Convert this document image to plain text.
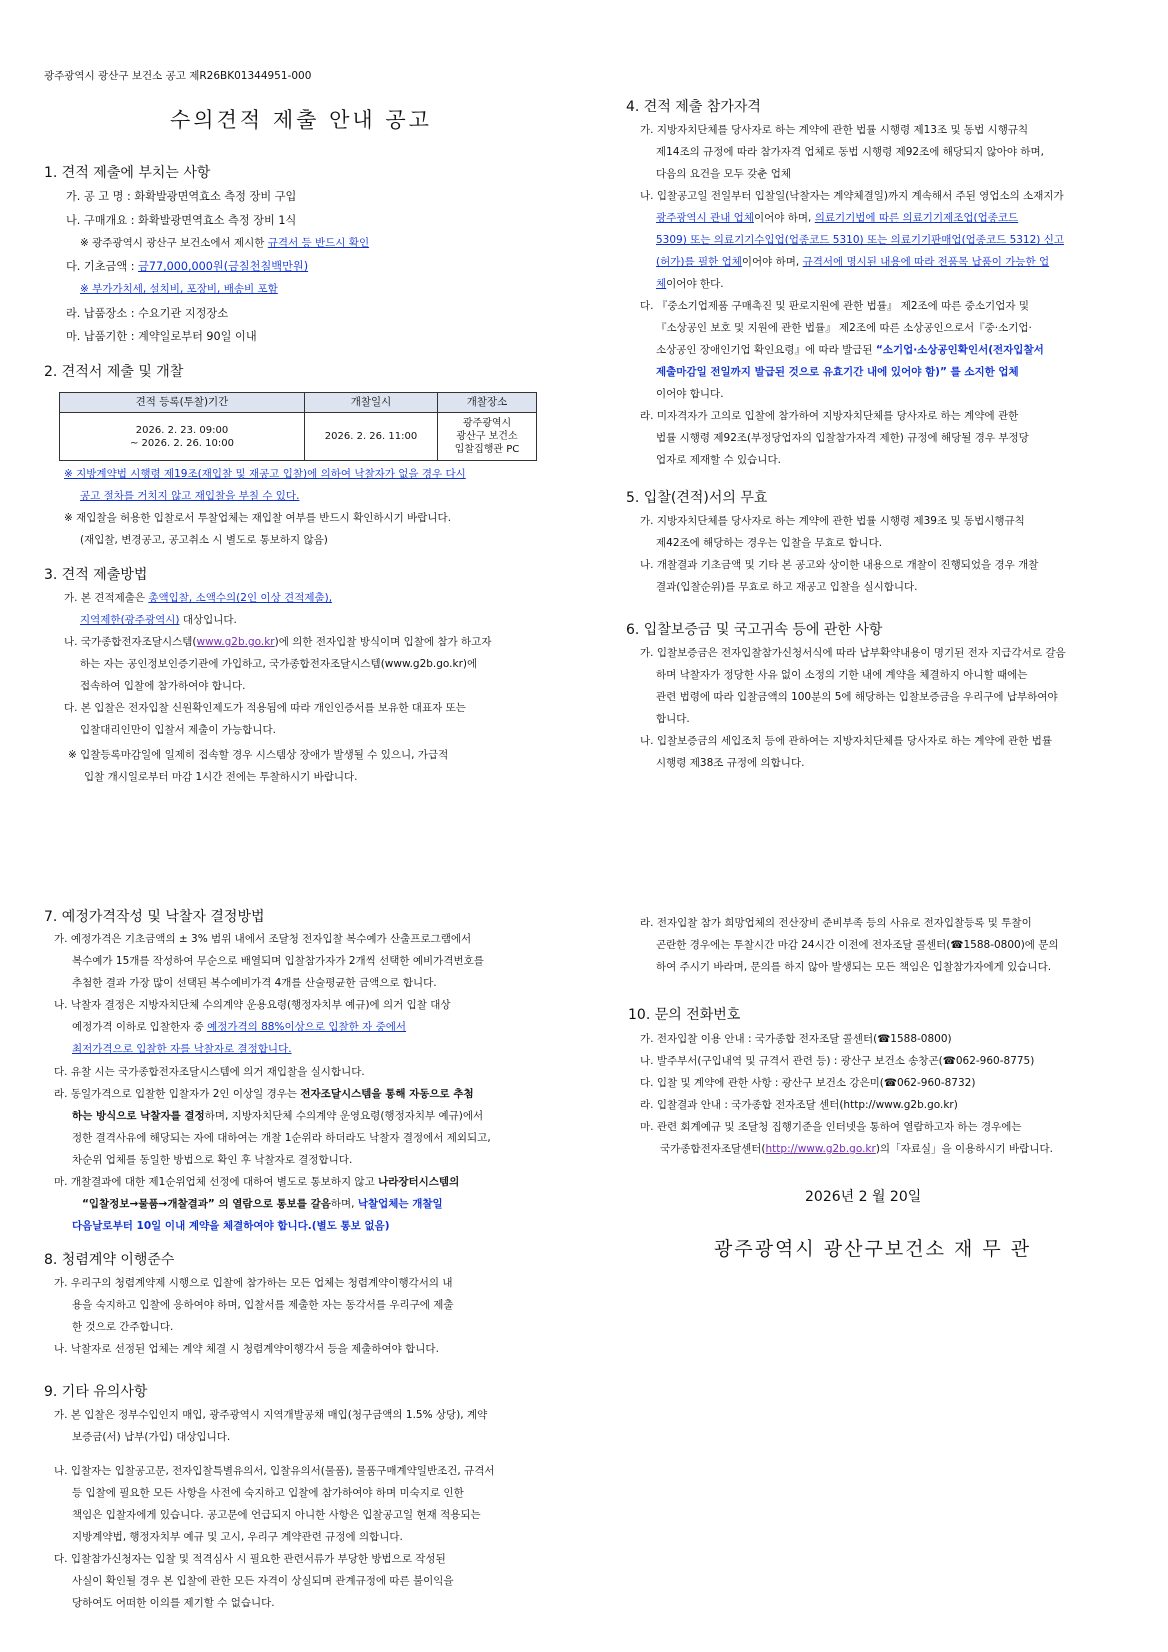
광주광역시 광산구 보건소 공고 제R26BK01344951-000
수의견적 제출 안내 공고
1. 견적 제출에 부치는 사항
가. 공 고 명 : 화확발광면역효소 측정 장비 구입
나. 구매개요 : 화확발광면역효소 측정 장비 1식
※ 광주광역시 광산구 보건소에서 제시한 규격서 등 반드시 확인
다. 기초금액 : 금77,000,000원(금칠천칠백만원)
※ 부가가치세, 설치비, 포장비, 배송비 포함
라. 납품장소 : 수요기관 지정장소
마. 납품기한 : 계약일로부터 90일 이내
2. 견적서 제출 및 개찰
견적 등록(투찰)기간	개찰일시	개찰장소
2026. 2. 23. 09:00
~ 2026. 2. 26. 10:00	2026. 2. 26. 11:00	광주광역시
광산구 보건소
입찰집행관 PC
※ 지방계약법 시행령 제19조(재입찰 및 재공고 입찰)에 의하여 낙찰자가 없을 경우 다시
공고 절차를 거치지 않고 재입찰을 부칠 수 있다.
※ 재입찰을 허용한 입찰로서 투찰업체는 재입찰 여부를 반드시 확인하시기 바랍니다.
(재입찰, 변경공고, 공고취소 시 별도로 통보하지 않음)
3. 견적 제출방법
가. 본 견적제출은 총액입찰, 소액수의(2인 이상 견적제출),
지역제한(광주광역시) 대상입니다.
나. 국가종합전자조달시스템(www.g2b.go.kr)에 의한 전자입찰 방식이며 입찰에 참가 하고자
하는 자는 공인정보인증기관에 가입하고, 국가종합전자조달시스템(www.g2b.go.kr)에
접속하여 입찰에 참가하여야 합니다.
다. 본 입찰은 전자입찰 신원확인제도가 적용됨에 따라 개인인증서를 보유한 대표자 또는
입찰대리인만이 입찰서 제출이 가능합니다.
※ 입찰등록마감일에 일제히 접속할 경우 시스템상 장애가 발생될 수 있으니, 가급적
입찰 개시일로부터 마감 1시간 전에는 투찰하시기 바랍니다.
4. 견적 제출 참가자격
가. 지방자치단체를 당사자로 하는 계약에 관한 법률 시행령 제13조 및 동법 시행규칙
제14조의 규정에 따라 참가자격 업체로 동법 시행령 제92조에 해당되지 않아야 하며,
다음의 요건을 모두 갖춘 업체
나. 입찰공고일 전일부터 입찰일(낙찰자는 계약체결일)까지 계속해서 주된 영업소의 소재지가
광주광역시 관내 업체이어야 하며, 의료기기법에 따른 의료기기제조업(업종코드
5309) 또는 의료기기수입업(업종코드 5310) 또는 의료기기판매업(업종코드 5312) 신고
(허가)를 필한 업체이어야 하며, 규격서에 명시된 내용에 따라 전품목 납품이 가능한 업
체이어야 한다.
다. 『중소기업제품 구매촉진 및 판로지원에 관한 법률』 제2조에 따른 중소기업자 및
『소상공인 보호 및 지원에 관한 법률』 제2조에 따른 소상공인으로서『중·소기업·
소상공인 장애인기업 확인요령』에 따라 발급된 “소기업·소상공인확인서(전자입찰서
제출마감일 전일까지 발급된 것으로 유효기간 내에 있어야 함)” 를 소지한 업체
이어야 합니다.
라. 미자격자가 고의로 입찰에 참가하여 지방자치단체를 당사자로 하는 계약에 관한
법률 시행령 제92조(부정당업자의 입찰참가자격 제한) 규정에 해당될 경우 부정당
업자로 제재할 수 있습니다.
5. 입찰(견적)서의 무효
가. 지방자치단체를 당사자로 하는 계약에 관한 법률 시행령 제39조 및 동법시행규칙
제42조에 해당하는 경우는 입찰을 무효로 합니다.
나. 개찰결과 기초금액 및 기타 본 공고와 상이한 내용으로 개찰이 진행되었을 경우 개찰
결과(입찰순위)를 무효로 하고 재공고 입찰을 실시합니다.
6. 입찰보증금 및 국고귀속 등에 관한 사항
가. 입찰보증금은 전자입찰참가신청서식에 따라 납부확약내용이 명기된 전자 지급각서로 갈음
하며 낙찰자가 정당한 사유 없이 소정의 기한 내에 계약을 체결하지 아니할 때에는
관련 법령에 따라 입찰금액의 100분의 5에 해당하는 입찰보증금을 우리구에 납부하여야
합니다.
나. 입찰보증금의 세입조치 등에 관하여는 지방자치단체를 당사자로 하는 계약에 관한 법률
시행령 제38조 규정에 의합니다.
7. 예정가격작성 및 낙찰자 결정방법
가. 예정가격은 기초금액의 ± 3% 범위 내에서 조달청 전자입찰 복수예가 산출프로그램에서
복수예가 15개를 작성하여 무순으로 배열되며 입찰참가자가 2개씩 선택한 예비가격번호를
추첨한 결과 가장 많이 선택된 복수예비가격 4개를 산술평균한 금액으로 합니다.
나. 낙찰자 결정은 지방자치단체 수의계약 운용요령(행정자치부 예규)에 의거 입찰 대상
예정가격 이하로 입찰한자 중 예정가격의 88%이상으로 입찰한 자 중에서
최저가격으로 입찰한 자를 낙찰자로 결정합니다.
다. 유찰 시는 국가종합전자조달시스템에 의거 재입찰을 실시합니다.
라. 동일가격으로 입찰한 입찰자가 2인 이상일 경우는 전자조달시스템을 통해 자동으로 추첨
하는 방식으로 낙찰자를 결정하며, 지방자치단체 수의계약 운영요령(행정자치부 예규)에서
정한 결격사유에 해당되는 자에 대하여는 개찰 1순위라 하더라도 낙찰자 결정에서 제외되고,
차순위 업체를 동일한 방법으로 확인 후 낙찰자로 결정합니다.
마. 개찰결과에 대한 제1순위업체 선정에 대하여 별도로 통보하지 않고 나라장터시스템의
“입찰정보→물품→개찰결과” 의 열람으로 통보를 갈음하며, 낙찰업체는 개찰일
다음날로부터 10일 이내 계약을 체결하여야 합니다.(별도 통보 없음)
8. 청렴계약 이행준수
가. 우리구의 청렴계약제 시행으로 입찰에 참가하는 모든 업체는 청렴계약이행각서의 내
용을 숙지하고 입찰에 응하여야 하며, 입찰서를 제출한 자는 동각서를 우리구에 제출
한 것으로 간주합니다.
나. 낙찰자로 선정된 업체는 계약 체결 시 청렴계약이행각서 등을 제출하여야 합니다.
9. 기타 유의사항
가. 본 입찰은 정부수입인지 매입, 광주광역시 지역개발공채 매입(청구금액의 1.5% 상당), 계약
보증금(서) 납부(가입) 대상입니다.
나. 입찰자는 입찰공고문, 전자입찰특별유의서, 입찰유의서(물품), 물품구매계약일반조건, 규격서
등 입찰에 필요한 모든 사항을 사전에 숙지하고 입찰에 참가하여야 하며 미숙지로 인한
책임은 입찰자에게 있습니다. 공고문에 언급되지 아니한 사항은 입찰공고일 현재 적용되는
지방계약법, 행정자치부 예규 및 고시, 우리구 계약관련 규정에 의합니다.
다. 입찰참가신청자는 입찰 및 적격심사 시 필요한 관련서류가 부당한 방법으로 작성된
사실이 확인될 경우 본 입찰에 관한 모든 자격이 상실되며 관계규정에 따른 불이익을
당하여도 어떠한 이의를 제기할 수 없습니다.
라. 전자입찰 참가 희망업체의 전산장비 준비부족 등의 사유로 전자입찰등록 및 투찰이
곤란한 경우에는 투찰시간 마감 24시간 이전에 전자조달 콜센터(☎1588-0800)에 문의
하여 주시기 바라며, 문의를 하지 않아 발생되는 모든 책임은 입찰참가자에게 있습니다.
10. 문의 전화번호
가. 전자입찰 이용 안내 : 국가종합 전자조달 콜센터(☎1588-0800)
나. 발주부서(구입내역 및 규격서 관련 등) : 광산구 보건소 송창곤(☎062-960-8775)
다. 입찰 및 계약에 관한 사항 : 광산구 보건소 강은미(☎062-960-8732)
라. 입찰결과 안내 : 국가종합 전자조달 센터(http://www.g2b.go.kr)
마. 관련 회계예규 및 조달청 집행기준을 인터넷을 통하여 열람하고자 하는 경우에는
국가종합전자조달센터(http://www.g2b.go.kr)의「자료실」을 이용하시기 바랍니다.
2026년 2 월 20일
광주광역시 광산구보건소 재 무 관
